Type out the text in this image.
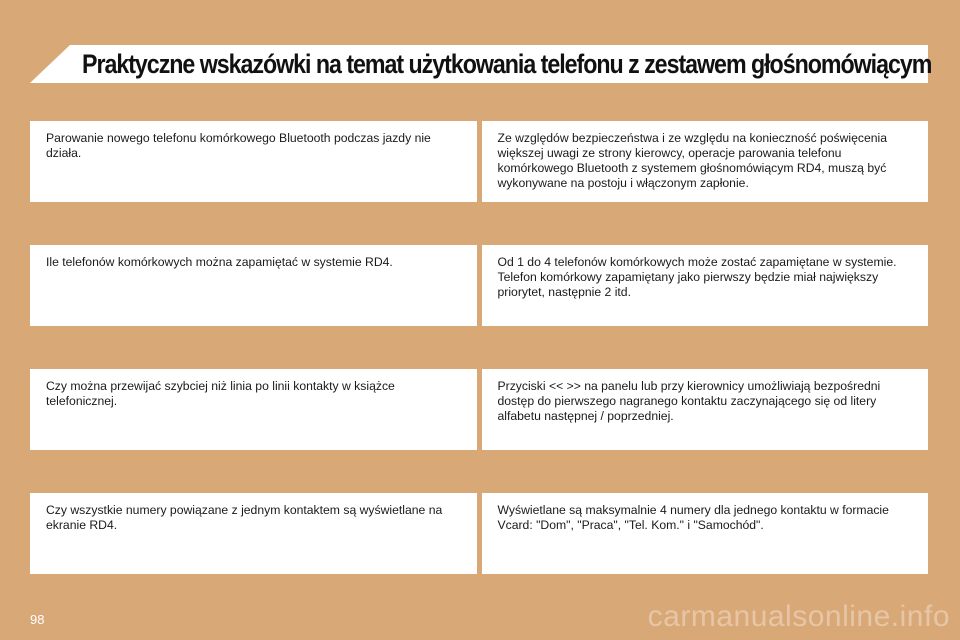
Praktyczne wskazówki na temat użytkowania telefonu z zestawem głośnomówiącym
Parowanie nowego telefonu komórkowego Bluetooth podczas jazdy nie działa.
Ze względów bezpieczeństwa i ze względu na konieczność poświęcenia większej uwagi ze strony kierowcy, operacje parowania telefonu komórkowego Bluetooth z systemem głośnomówiącym RD4, muszą być wykonywane na postoju i włączonym zapłonie.
Ile telefonów komórkowych można zapamiętać w systemie RD4.	Od 1 do 4 telefonów komórkowych może zostać zapamiętane w systemie. Telefon komórkowy zapamiętany jako pierwszy będzie miał największy priorytet, następnie 2 itd.
Czy można przewijać szybciej niż linia po linii kontakty w książce telefonicznej.
Przyciski << >> na panelu lub przy kierownicy umożliwiają bezpośredni dostęp do pierwszego nagranego kontaktu zaczynającego się od litery alfabetu następnej / poprzedniej.
Czy wszystkie numery powiązane z jednym kontaktem są wyświetlane na ekranie RD4.
Wyświetlane są maksymalnie 4 numery dla jednego kontaktu w formacie Vcard: "Dom", "Praca", "Tel. Kom." i "Samochód".
98	carmanualsonline.info
